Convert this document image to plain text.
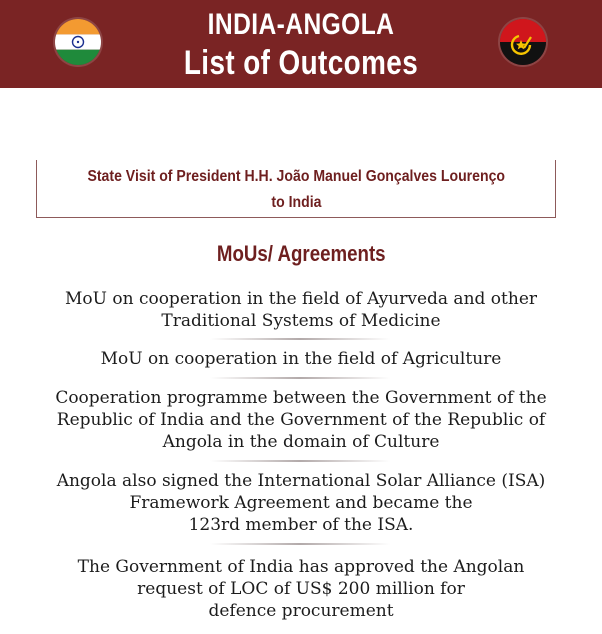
INDIA-ANGOLA
List of Outcomes
State Visit of President H.H. João Manuel Gonçalves Lourenço
to India
MoUs/ Agreements
MoU on cooperation in the field of Ayurveda and other
Traditional Systems of Medicine
MoU on cooperation in the field of Agriculture
Cooperation programme between the Government of the
Republic of India and the Government of the Republic of
Angola in the domain of Culture
Angola also signed the International Solar Alliance (ISA)
Framework Agreement and became the
123rd member of the ISA.
The Government of India has approved the Angolan
request of LOC of US$ 200 million for
defence procurement
